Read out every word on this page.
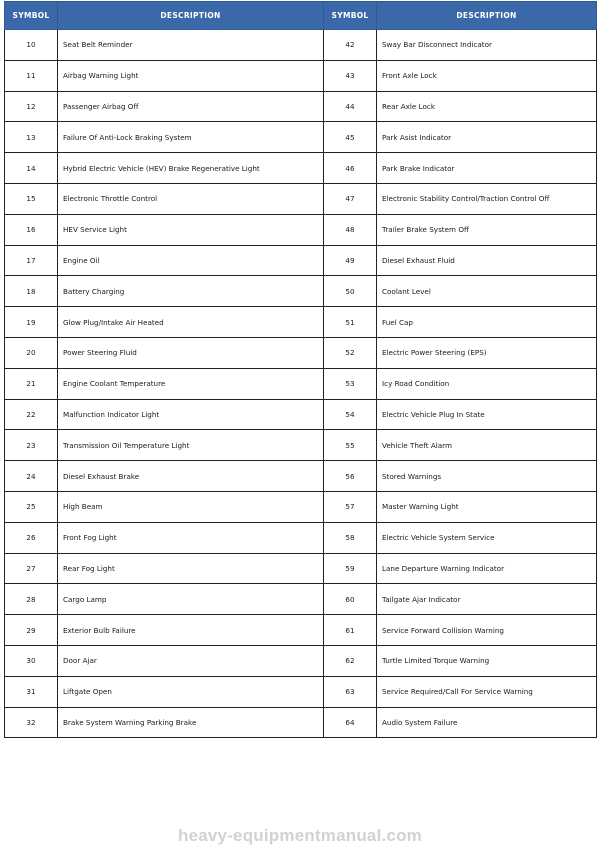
SYMBOL	DESCRIPTION	SYMBOL	DESCRIPTION
10	Seat Belt Reminder	42	Sway Bar Disconnect Indicator
11	Airbag Warning Light	43	Front Axle Lock
12	Passenger Airbag Off	44	Rear Axle Lock
13	Failure Of Anti-Lock Braking System	45	Park Asist Indicator
14	Hybrid Electric Vehicle (HEV) Brake Regenerative Light	46	Park Brake Indicator
15	Electronic Throttle Control	47	Electronic Stability Control/Traction Control Off
16	HEV Service Light	48	Trailer Brake System Off
17	Engine Oil	49	Diesel Exhaust Fluid
18	Battery Charging	50	Coolant Level
19	Glow Plug/Intake Air Heated	51	Fuel Cap
20	Power Steering Fluid	52	Electric Power Steering (EPS)
21	Engine Coolant Temperature	53	Icy Road Condition
22	Malfunction Indicator Light	54	Electric Vehicle Plug In State
23	Transmission Oil Temperature Light	55	Vehicle Theft Alarm
24	Diesel Exhaust Brake	56	Stored Warnings
25	High Beam	57	Master Warning Light
26	Front Fog Light	58	Electric Vehicle System Service
27	Rear Fog Light	59	Lane Departure Warning Indicator
28	Cargo Lamp	60	Tailgate Ajar Indicator
29	Exterior Bulb Failure	61	Service Forward Collision Warning
30	Door Ajar	62	Turtle Limited Torque Warning
31	Liftgate Open	63	Service Required/Call For Service Warning
32	Brake System Warning Parking Brake	64	Audio System Failure
heavy-equipmentmanual.com
